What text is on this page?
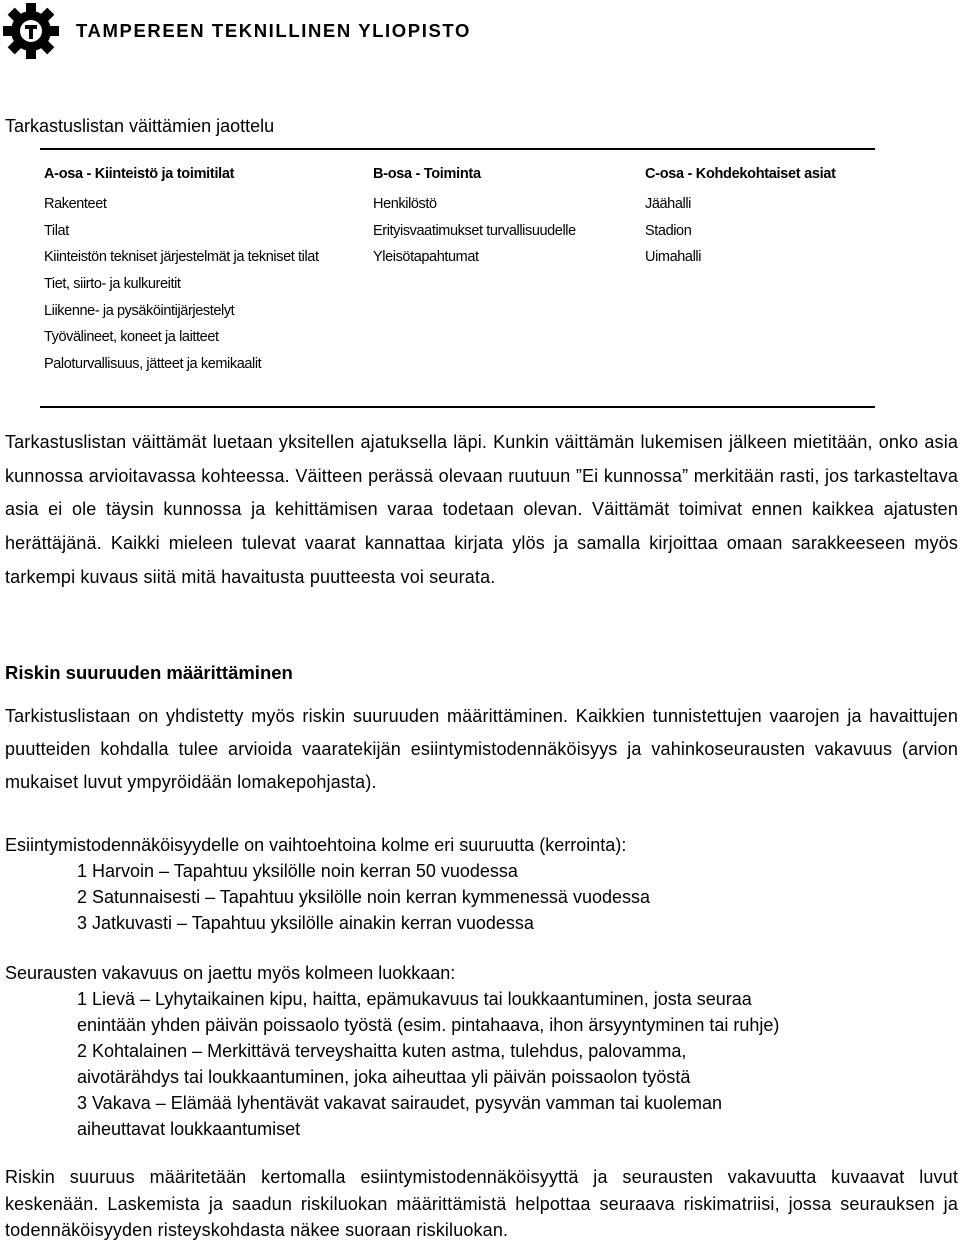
TAMPEREEN TEKNILLINEN YLIOPISTO
Tarkastuslistan väittämien jaottelu
A-osa - Kiinteistö ja toimitilat
Rakenteet
Tilat
Kiinteistön tekniset järjestelmät ja tekniset tilat
Tiet, siirto- ja kulkureitit
Liikenne- ja pysäköintijärjestelyt
Työvälineet, koneet ja laitteet
Paloturvallisuus, jätteet ja kemikaalit
B-osa - Toiminta
Henkilöstö
Erityisvaatimukset turvallisuudelle
Yleisötapahtumat
C-osa - Kohdekohtaiset asiat
Jäähalli
Stadion
Uimahalli

Tarkastuslistan väittämät luetaan yksitellen ajatuksella läpi. Kunkin väittämän lukemisen jälkeen mietitään, onko asia kunnossa arvioitavassa kohteessa. Väitteen perässä olevaan ruutuun ”Ei kunnossa” merkitään rasti, jos tarkasteltava asia ei ole täysin kunnossa ja kehittämisen varaa todetaan olevan. Väittämät toimivat ennen kaikkea ajatusten herättäjänä. Kaikki mieleen tulevat vaarat kannattaa kirjata ylös ja samalla kirjoittaa omaan sarakkeeseen myös tarkempi kuvaus siitä mitä havaitusta puutteesta voi seurata.

Riskin suuruuden määrittäminen

Tarkistuslistaan on yhdistetty myös riskin suuruuden määrittäminen. Kaikkien tunnistettujen vaarojen ja havaittujen puutteiden kohdalla tulee arvioida vaaratekijän esiintymistodennäköisyys ja vahinkoseurausten vakavuus (arvion mukaiset luvut ympyröidään lomakepohjasta).

Esiintymistodennäköisyydelle on vaihtoehtoina kolme eri suuruutta (kerrointa):
1 Harvoin – Tapahtuu yksilölle noin kerran 50 vuodessa
2 Satunnaisesti – Tapahtuu yksilölle noin kerran kymmenessä vuodessa
3 Jatkuvasti – Tapahtuu yksilölle ainakin kerran vuodessa
Seurausten vakavuus on jaettu myös kolmeen luokkaan:
1 Lievä – Lyhytaikainen kipu, haitta, epämukavuus tai loukkaantuminen, josta seuraa
enintään yhden päivän poissaolo työstä (esim. pintahaava, ihon ärsyyntyminen tai ruhje)
2 Kohtalainen – Merkittävä terveyshaitta kuten astma, tulehdus, palovamma,
aivotärähdys tai loukkaantuminen, joka aiheuttaa yli päivän poissaolon työstä
3 Vakava – Elämää lyhentävät vakavat sairaudet, pysyvän vamman tai kuoleman
aiheuttavat loukkaantumiset

Riskin suuruus määritetään kertomalla esiintymistodennäköisyyttä ja seurausten vakavuutta kuvaavat luvut keskenään. Laskemista ja saadun riskiluokan määrittämistä helpottaa seuraava riskimatriisi, jossa seurauksen ja todennäköisyyden risteyskohdasta näkee suoraan riskiluokan.
